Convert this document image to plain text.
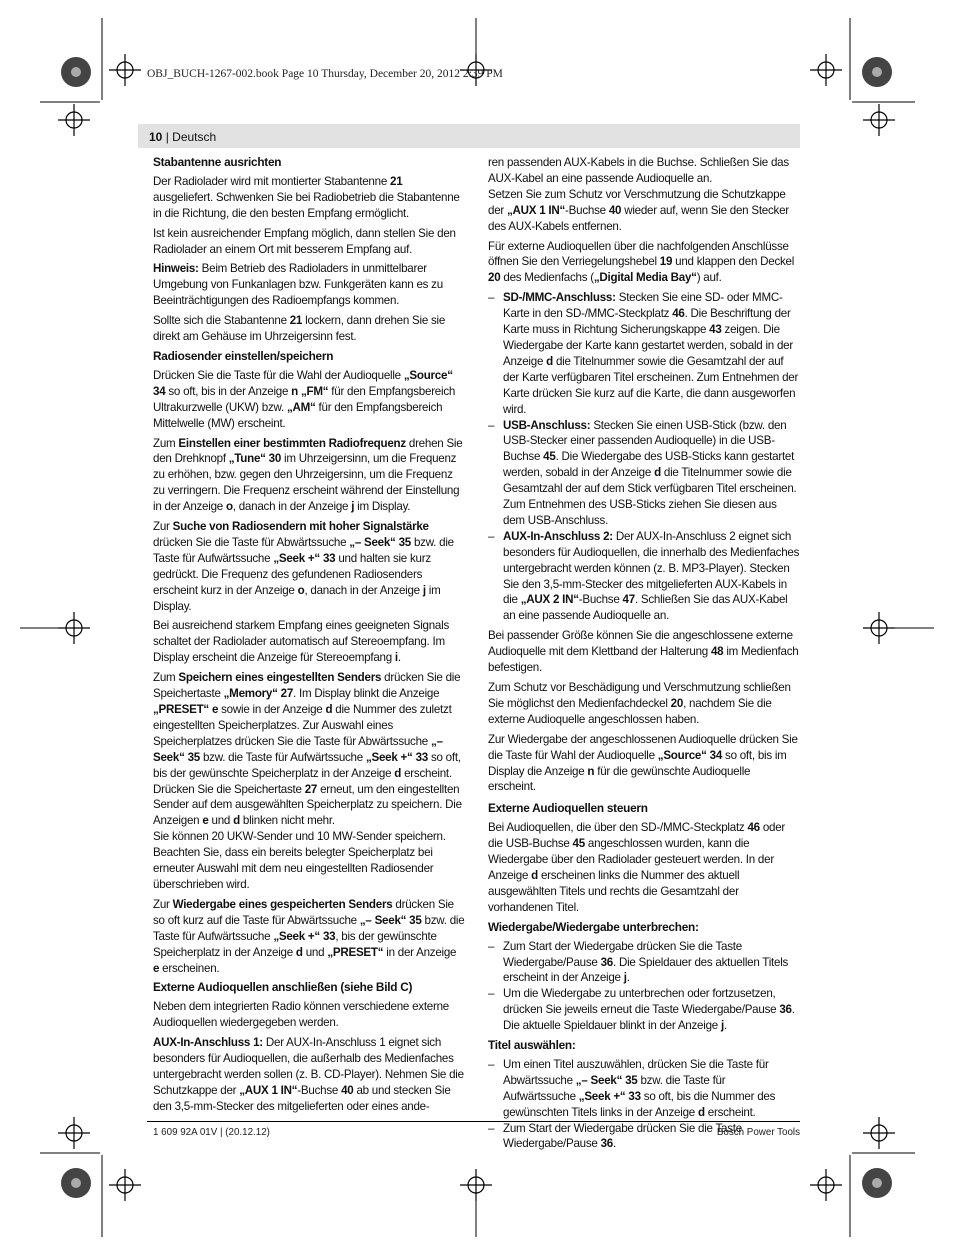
OBJ_BUCH-1267-002.book Page 10 Thursday, December 20, 2012 2:39 PM
10 | Deutsch
Stabantenne ausrichten

Der Radiolader wird mit montierter Stabantenne 21 ausgeliefert. Schwenken Sie bei Radiobetrieb die Stabantenne in die Richtung, die den besten Empfang ermöglicht.

Ist kein ausreichender Empfang möglich, dann stellen Sie den Radiolader an einem Ort mit besserem Empfang auf.

Hinweis: Beim Betrieb des Radioladers in unmittelbarer Umgebung von Funkanlagen bzw. Funkgeräten kann es zu Beeinträchtigungen des Radioempfangs kommen.

Sollte sich die Stabantenne 21 lockern, dann drehen Sie sie direkt am Gehäuse im Uhrzeigersinn fest.

Radiosender einstellen/speichern

Drücken Sie die Taste für die Wahl der Audioquelle „Source“ 34 so oft, bis in der Anzeige n „FM“ für den Empfangsbereich Ultrakurzwelle (UKW) bzw. „AM“ für den Empfangsbereich Mittelwelle (MW) erscheint.

Zum Einstellen einer bestimmten Radiofrequenz drehen Sie den Drehknopf „Tune“ 30 im Uhrzeigersinn, um die Frequenz zu erhöhen, bzw. gegen den Uhrzeigersinn, um die Frequenz zu verringern. Die Frequenz erscheint während der Einstellung in der Anzeige o, danach in der Anzeige j im Display.

Zur Suche von Radiosendern mit hoher Signalstärke drücken Sie die Taste für Abwärtssuche „– Seek“ 35 bzw. die Taste für Aufwärtssuche „Seek +“ 33 und halten sie kurz gedrückt. Die Frequenz des gefundenen Radiosenders erscheint kurz in der Anzeige o, danach in der Anzeige j im Display.

Bei ausreichend starkem Empfang eines geeigneten Signals schaltet der Radiolader automatisch auf Stereoempfang. Im Display erscheint die Anzeige für Stereoempfang i.

Zum Speichern eines eingestellten Senders drücken Sie die Speichertaste „Memory“ 27. Im Display blinkt die Anzeige „PRESET“ e sowie in der Anzeige d die Nummer des zuletzt eingestellten Speicherplatzes. Zur Auswahl eines Speicherplatzes drücken Sie die Taste für Abwärtssuche „– Seek“ 35 bzw. die Taste für Aufwärtssuche „Seek +“ 33 so oft, bis der gewünschte Speicherplatz in der Anzeige d erscheint. Drücken Sie die Speichertaste 27 erneut, um den eingestellten Sender auf dem ausgewählten Speicherplatz zu speichern. Die Anzeigen e und d blinken nicht mehr.
Sie können 20 UKW-Sender und 10 MW-Sender speichern. Beachten Sie, dass ein bereits belegter Speicherplatz bei erneuter Auswahl mit dem neu eingestellten Radiosender überschrieben wird.

Zur Wiedergabe eines gespeicherten Senders drücken Sie so oft kurz auf die Taste für Abwärtssuche „– Seek“ 35 bzw. die Taste für Aufwärtssuche „Seek +“ 33, bis der gewünschte Speicherplatz in der Anzeige d und „PRESET“ in der Anzeige e erscheinen.

Externe Audioquellen anschließen (siehe Bild C)

Neben dem integrierten Radio können verschiedene externe Audioquellen wiedergegeben werden.

AUX-In-Anschluss 1: Der AUX-In-Anschluss 1 eignet sich besonders für Audioquellen, die außerhalb des Medienfaches untergebracht werden sollen (z. B. CD-Player). Nehmen Sie die Schutzkappe der „AUX 1 IN“-Buchse 40 ab und stecken Sie den 3,5-mm-Stecker des mitgelieferten oder eines ande-

ren passenden AUX-Kabels in die Buchse. Schließen Sie das AUX-Kabel an eine passende Audioquelle an.
Setzen Sie zum Schutz vor Verschmutzung die Schutzkappe der „AUX 1 IN“-Buchse 40 wieder auf, wenn Sie den Stecker des AUX-Kabels entfernen.

Für externe Audioquellen über die nachfolgenden Anschlüsse öffnen Sie den Verriegelungshebel 19 und klappen den Deckel 20 des Medienfachs („Digital Media Bay“) auf.

– SD-/MMC-Anschluss: Stecken Sie eine SD- oder MMC-Karte in den SD-/MMC-Steckplatz 46. Die Beschriftung der Karte muss in Richtung Sicherungskappe 43 zeigen. Die Wiedergabe der Karte kann gestartet werden, sobald in der Anzeige d die Titelnummer sowie die Gesamtzahl der auf der Karte verfügbaren Titel erscheinen. Zum Entnehmen der Karte drücken Sie kurz auf die Karte, die dann ausgeworfen wird.
– USB-Anschluss: Stecken Sie einen USB-Stick (bzw. den USB-Stecker einer passenden Audioquelle) in die USB-Buchse 45. Die Wiedergabe des USB-Sticks kann gestartet werden, sobald in der Anzeige d die Titelnummer sowie die Gesamtzahl der auf dem Stick verfügbaren Titel erscheinen. Zum Entnehmen des USB-Sticks ziehen Sie diesen aus dem USB-Anschluss.
– AUX-In-Anschluss 2: Der AUX-In-Anschluss 2 eignet sich besonders für Audioquellen, die innerhalb des Medienfaches untergebracht werden können (z. B. MP3-Player). Stecken Sie den 3,5-mm-Stecker des mitgelieferten AUX-Kabels in die „AUX 2 IN“-Buchse 47. Schließen Sie das AUX-Kabel an eine passende Audioquelle an.

Bei passender Größe können Sie die angeschlossene externe Audioquelle mit dem Klettband der Halterung 48 im Medienfach befestigen.

Zum Schutz vor Beschädigung und Verschmutzung schließen Sie möglichst den Medienfachdeckel 20, nachdem Sie die externe Audioquelle angeschlossen haben.

Zur Wiedergabe der angeschlossenen Audioquelle drücken Sie die Taste für Wahl der Audioquelle „Source“ 34 so oft, bis im Display die Anzeige n für die gewünschte Audioquelle erscheint.

Externe Audioquellen steuern

Bei Audioquellen, die über den SD-/MMC-Steckplatz 46 oder die USB-Buchse 45 angeschlossen wurden, kann die Wiedergabe über den Radiolader gesteuert werden. In der Anzeige d erscheinen links die Nummer des aktuell ausgewählten Titels und rechts die Gesamtzahl der vorhandenen Titel.

Wiedergabe/Wiedergabe unterbrechen:
– Zum Start der Wiedergabe drücken Sie die Taste Wiedergabe/Pause 36. Die Spieldauer des aktuellen Titels erscheint in der Anzeige j.
– Um die Wiedergabe zu unterbrechen oder fortzusetzen, drücken Sie jeweils erneut die Taste Wiedergabe/Pause 36. Die aktuelle Spieldauer blinkt in der Anzeige j.
Titel auswählen:
– Um einen Titel auszuwählen, drücken Sie die Taste für Abwärtssuche „– Seek“ 35 bzw. die Taste für Aufwärtssuche „Seek +“ 33 so oft, bis die Nummer des gewünschten Titels links in der Anzeige d erscheint.
– Zum Start der Wiedergabe drücken Sie die Taste Wiedergabe/Pause 36.
1 609 92A 01V | (20.12.12)	Bosch Power Tools
